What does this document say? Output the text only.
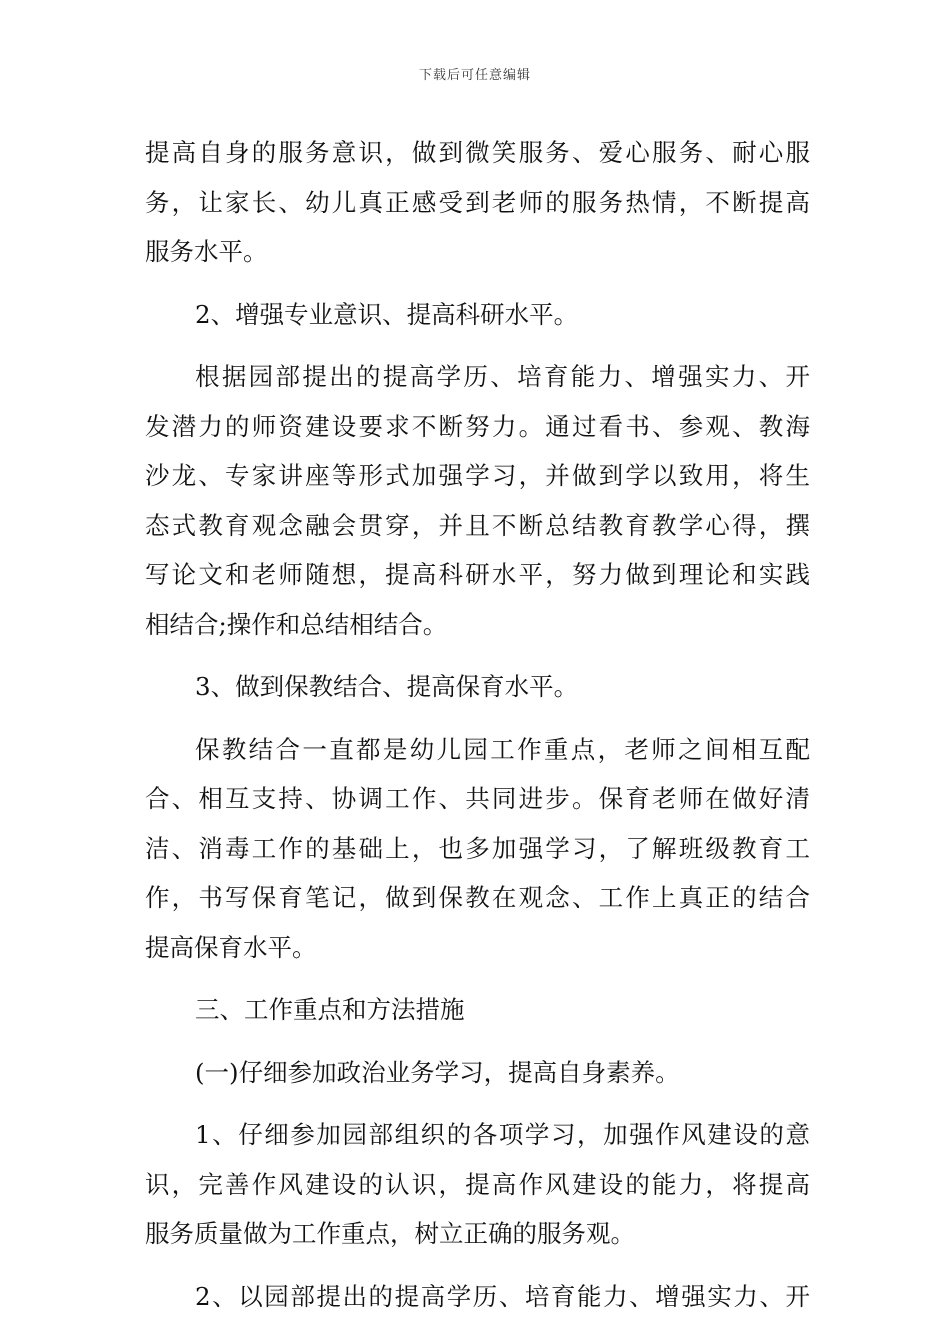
下载后可任意编辑
提高自身的服务意识，做到微笑服务、爱心服务、耐心服
务，让家长、幼儿真正感受到老师的服务热情，不断提高
服务水平。
2、增强专业意识、提高科研水平。
根据园部提出的提高学历、培育能力、增强实力、开
发潜力的师资建设要求不断努力。通过看书、参观、教海
沙龙、专家讲座等形式加强学习，并做到学以致用，将生
态式教育观念融会贯穿，并且不断总结教育教学心得，撰
写论文和老师随想，提高科研水平，努力做到理论和实践
相结合;操作和总结相结合。
3、做到保教结合、提高保育水平。
保教结合一直都是幼儿园工作重点，老师之间相互配
合、相互支持、协调工作、共同进步。保育老师在做好清
洁、消毒工作的基础上，也多加强学习，了解班级教育工
作，书写保育笔记，做到保教在观念、工作上真正的结合
提高保育水平。
三、工作重点和方法措施
(一)仔细参加政治业务学习，提高自身素养。
1、仔细参加园部组织的各项学习，加强作风建设的意
识，完善作风建设的认识，提高作风建设的能力，将提高
服务质量做为工作重点，树立正确的服务观。
2、以园部提出的提高学历、培育能力、增强实力、开
